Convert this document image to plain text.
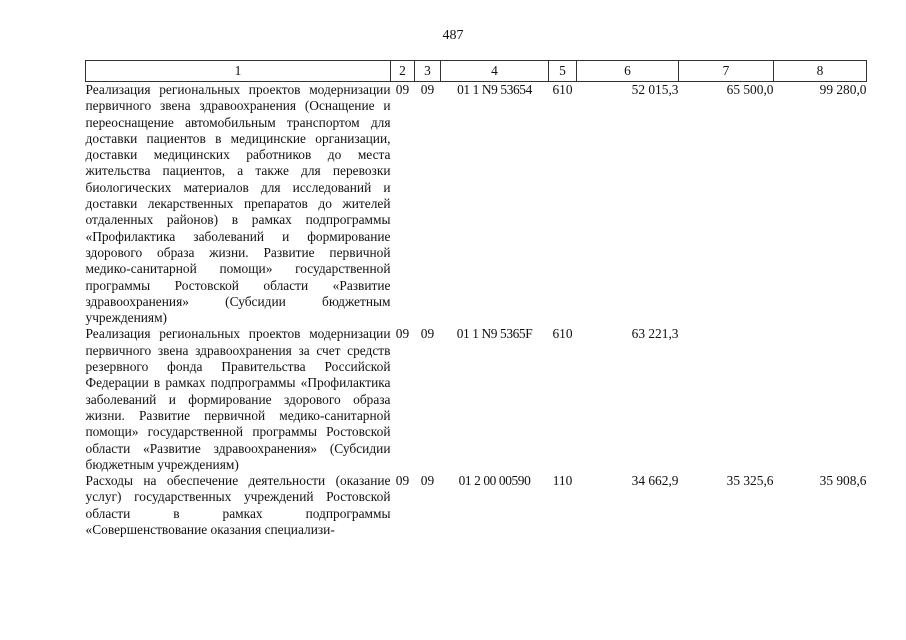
487
1	2	3	4	5	6	7	8
Реализация региональных проектов модернизации первичного звена здравоохранения (Оснащение и переоснащение автомобильным транспортом для доставки пациентов в медицинские организации, доставки медицинских работников до места жительства пациентов, а также для перевозки биологических материалов для исследований и доставки лекарственных препаратов до жителей отдаленных районов) в рамках подпрограммы «Профилактика заболеваний и формирование здорового образа жизни. Развитие первичной медико-санитарной помощи» государственной программы Ростовской области «Развитие здравоохранения» (Субсидии бюджетным учреждениям)	09	09	01 1 N9 53654	610	52 015,3	65 500,0	99 280,0
Реализация региональных проектов модернизации первичного звена здравоохранения за счет средств резервного фонда Правительства Российской Федерации в рамках подпрограммы «Профилактика заболеваний и формирование здорового образа жизни. Развитие первичной медико-санитарной помощи» государственной программы Ростовской области «Развитие здравоохранения» (Субсидии бюджетным учреждениям)	09	09	01 1 N9 5365F	610	63 221,3		
Расходы на обеспечение деятельности (оказание услуг) государственных учреждений Ростовской области в рамках подпрограммы «Совершенствование оказания специализи-	09	09	01 2 00 00590	110	34 662,9	35 325,6	35 908,6
